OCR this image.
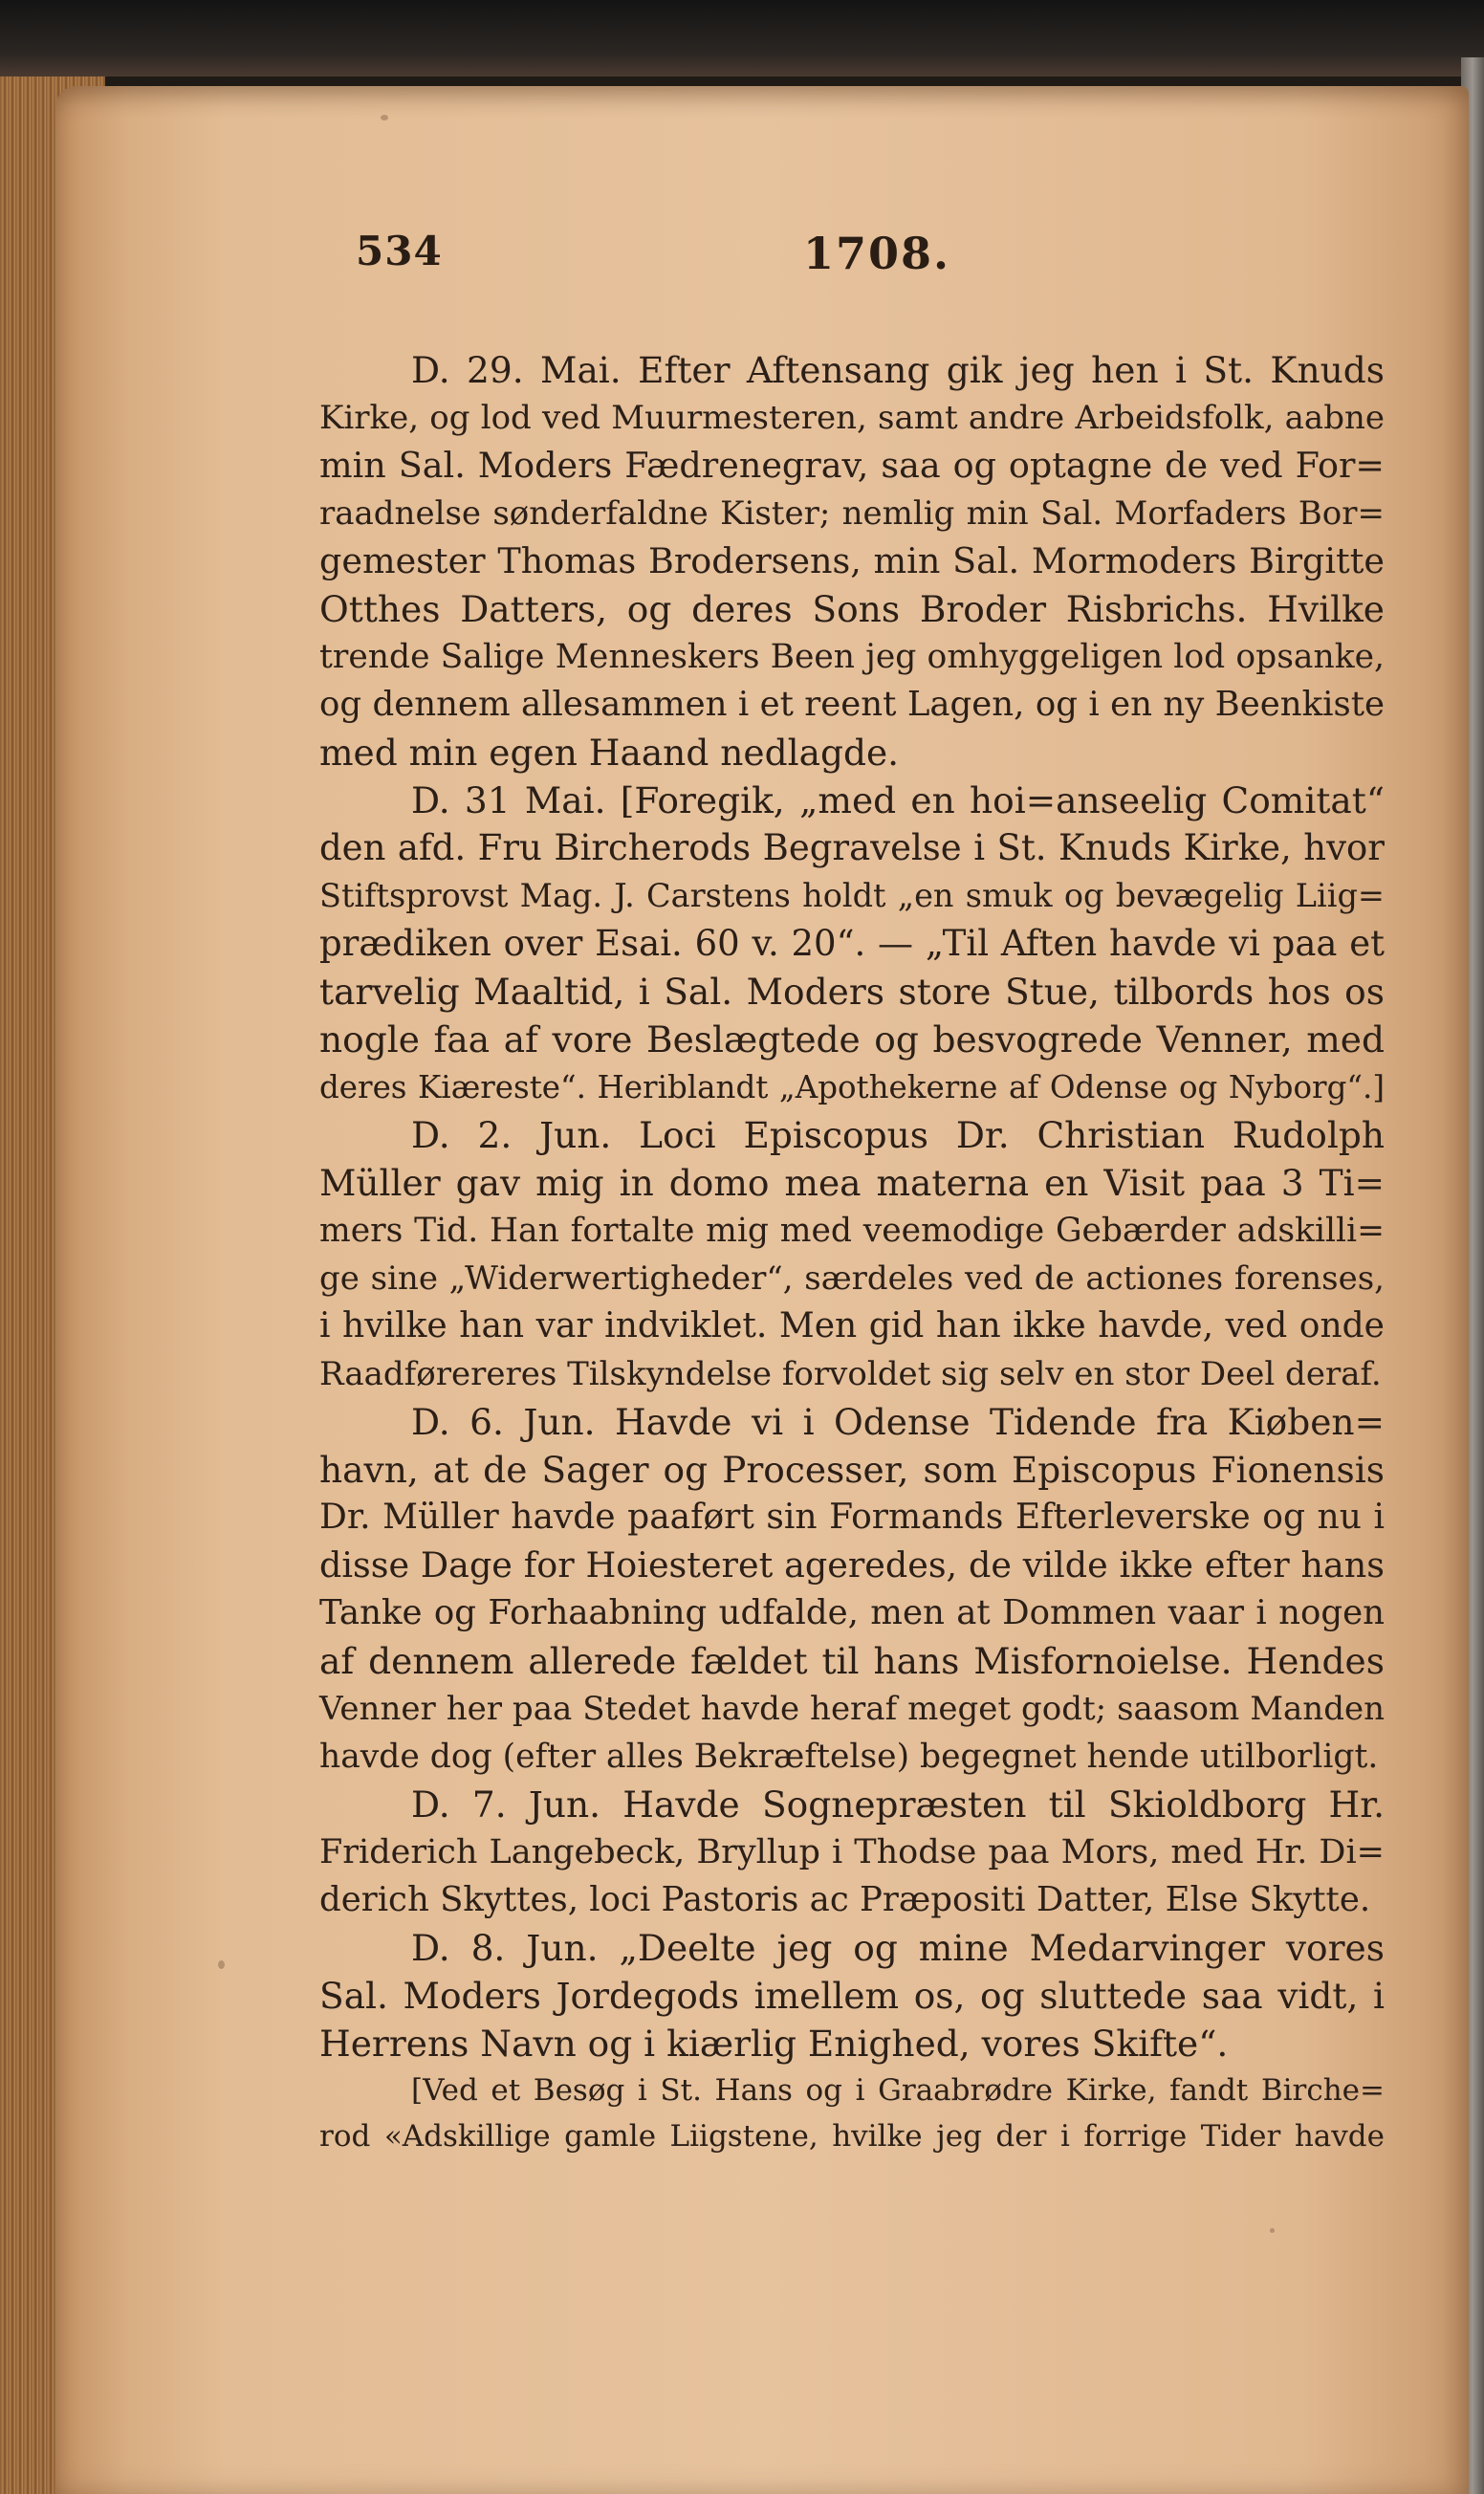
534	1708.
D. 29. Mai. Efter Aftensang gik jeg hen i St. Knuds
Kirke, og lod ved Muurmesteren, samt andre Arbeidsfolk, aabne
min Sal. Moders Fædrenegrav, saa og optagne de ved For=
raadnelse sønderfaldne Kister; nemlig min Sal. Morfaders Bor=
gemester Thomas Brodersens, min Sal. Mormoders Birgitte
Otthes Datters, og deres Sons Broder Risbrichs. Hvilke
trende Salige Menneskers Been jeg omhyggeligen lod opsanke,
og dennem allesammen i et reent Lagen, og i en ny Beenkiste
med min egen Haand nedlagde.
D. 31 Mai. [Foregik, „med en hoi=anseelig Comitat“
den afd. Fru Bircherods Begravelse i St. Knuds Kirke, hvor
Stiftsprovst Mag. J. Carstens holdt „en smuk og bevægelig Liig=
prædiken over Esai. 60 v. 20“. — „Til Aften havde vi paa et
tarvelig Maaltid, i Sal. Moders store Stue, tilbords hos os
nogle faa af vore Beslægtede og besvogrede Venner, med
deres Kiæreste“. Heriblandt „Apothekerne af Odense og Nyborg“.]
D. 2. Jun. Loci Episcopus Dr. Christian Rudolph
Müller gav mig in domo mea materna en Visit paa 3 Ti=
mers Tid. Han fortalte mig med veemodige Gebærder adskilli=
ge sine „Widerwertigheder“, særdeles ved de actiones forenses,
i hvilke han var indviklet. Men gid han ikke havde, ved onde
Raadførereres Tilskyndelse forvoldet sig selv en stor Deel deraf.
D. 6. Jun. Havde vi i Odense Tidende fra Kiøben=
havn, at de Sager og Processer, som Episcopus Fionensis
Dr. Müller havde paaført sin Formands Efterleverske og nu i
disse Dage for Hoiesteret ageredes, de vilde ikke efter hans
Tanke og Forhaabning udfalde, men at Dommen vaar i nogen
af dennem allerede fældet til hans Misfornoielse. Hendes
Venner her paa Stedet havde heraf meget godt; saasom Manden
havde dog (efter alles Bekræftelse) begegnet hende utilborligt.
D. 7. Jun. Havde Sognepræsten til Skioldborg Hr.
Friderich Langebeck, Bryllup i Thodse paa Mors, med Hr. Di=
derich Skyttes, loci Pastoris ac Præpositi Datter, Else Skytte.
D. 8. Jun. „Deelte jeg og mine Medarvinger vores
Sal. Moders Jordegods imellem os, og sluttede saa vidt, i
Herrens Navn og i kiærlig Enighed, vores Skifte“.
[Ved et Besøg i St. Hans og i Graabrødre Kirke, fandt Birche=
rod «Adskillige gamle Liigstene, hvilke jeg der i forrige Tider havde
